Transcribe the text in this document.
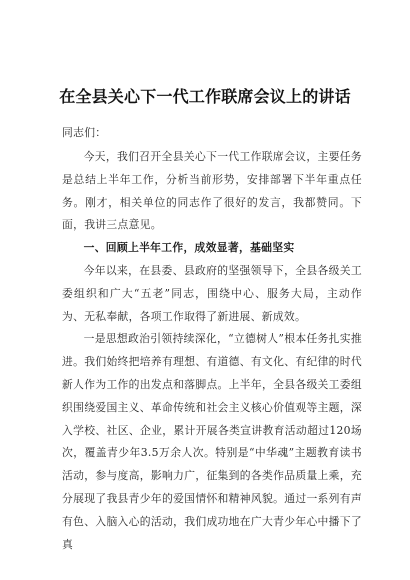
在全县关心下一代工作联席会议上的讲话

同志们：

今天，我们召开全县关心下一代工作联席会议，主要任务是总结上半年工作，分析当前形势，安排部署下半年重点任务。刚才，相关单位的同志作了很好的发言，我都赞同。下面，我讲三点意见。

一、回顾上半年工作，成效显著，基础坚实

今年以来，在县委、县政府的坚强领导下，全县各级关工委组织和广大“五老”同志，围绕中心、服务大局，主动作为、无私奉献，各项工作取得了新进展、新成效。

一是思想政治引领持续深化，“立德树人”根本任务扎实推进。我们始终把培养有理想、有道德、有文化、有纪律的时代新人作为工作的出发点和落脚点。上半年，全县各级关工委组织围绕爱国主义、革命传统和社会主义核心价值观等主题，深入学校、社区、企业，累计开展各类宣讲教育活动超过120场次，覆盖青少年3.5万余人次。特别是“中华魂”主题教育读书活动，参与度高，影响力广，征集到的各类作品质量上乘，充分展现了我县青少年的爱国情怀和精神风貌。通过一系列有声有色、入脑入心的活动，我们成功地在广大青少年心中播下了真
